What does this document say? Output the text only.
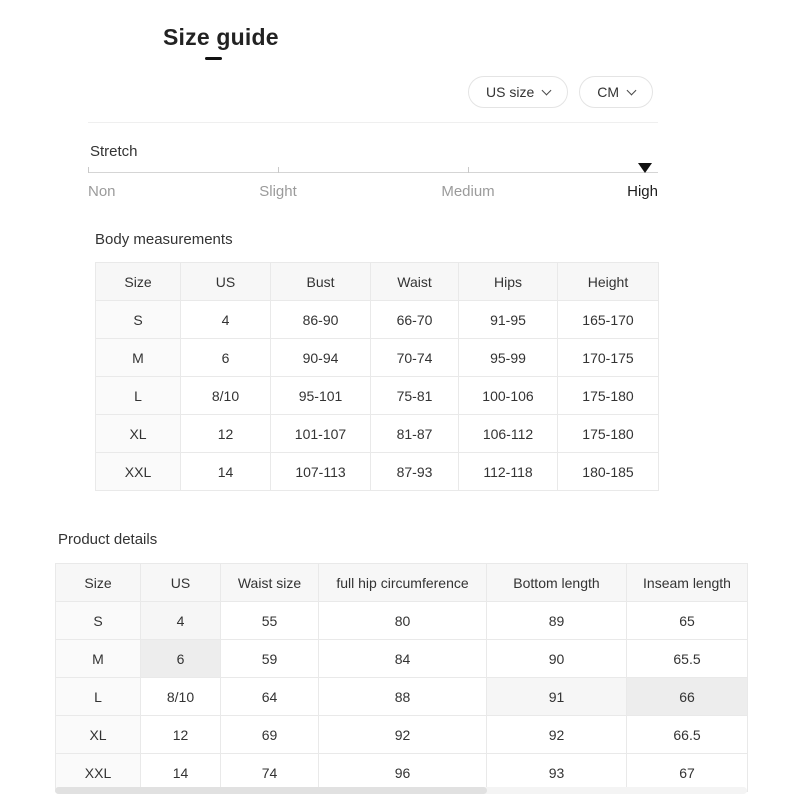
Size guide
US size	CM
Stretch
Non	Slight	Medium	High
Body measurements
Size	US	Bust	Waist	Hips	Height
S	4	86-90	66-70	91-95	165-170
M	6	90-94	70-74	95-99	170-175
L	8/10	95-101	75-81	100-106	175-180
XL	12	101-107	81-87	106-112	175-180
XXL	14	107-113	87-93	112-118	180-185
Product details
Size	US	Waist size	full hip circumference	Bottom length	Inseam length
S	4	55	80	89	65
M	6	59	84	90	65.5
L	8/10	64	88	91	66
XL	12	69	92	92	66.5
XXL	14	74	96	93	67
